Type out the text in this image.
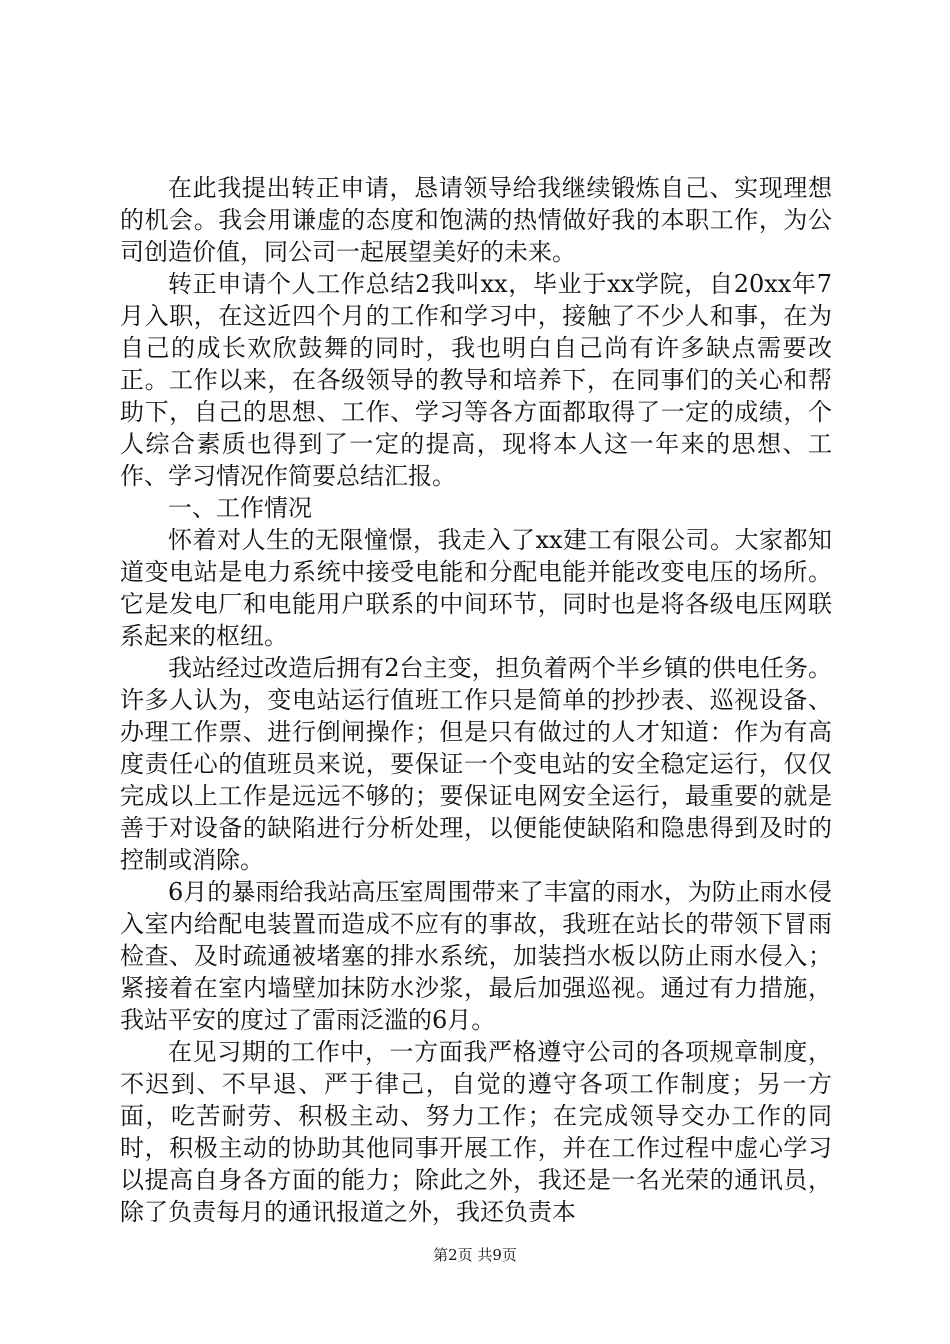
在此我提出转正申请，恳请领导给我继续锻炼自己、实现理想的机会。我会用谦虚的态度和饱满的热情做好我的本职工作，为公司创造价值，同公司一起展望美好的未来。

转正申请个人工作总结2我叫xx，毕业于xx学院，自20xx年7月入职，在这近四个月的工作和学习中，接触了不少人和事，在为自己的成长欢欣鼓舞的同时，我也明白自己尚有许多缺点需要改正。工作以来，在各级领导的教导和培养下，在同事们的关心和帮助下，自己的思想、工作、学习等各方面都取得了一定的成绩，个人综合素质也得到了一定的提高，现将本人这一年来的思想、工作、学习情况作简要总结汇报。

一、工作情况

怀着对人生的无限憧憬，我走入了xx建工有限公司。大家都知道变电站是电力系统中接受电能和分配电能并能改变电压的场所。它是发电厂和电能用户联系的中间环节，同时也是将各级电压网联系起来的枢纽。

我站经过改造后拥有2台主变，担负着两个半乡镇的供电任务。许多人认为，变电站运行值班工作只是简单的抄抄表、巡视设备、办理工作票、进行倒闸操作；但是只有做过的人才知道：作为有高度责任心的值班员来说，要保证一个变电站的安全稳定运行，仅仅完成以上工作是远远不够的；要保证电网安全运行，最重要的就是善于对设备的缺陷进行分析处理，以便能使缺陷和隐患得到及时的控制或消除。

6月的暴雨给我站高压室周围带来了丰富的雨水，为防止雨水侵入室内给配电装置而造成不应有的事故，我班在站长的带领下冒雨检查、及时疏通被堵塞的排水系统，加装挡水板以防止雨水侵入；紧接着在室内墙壁加抹防水沙浆，最后加强巡视。通过有力措施，我站平安的度过了雷雨泛滥的6月。

在见习期的工作中，一方面我严格遵守公司的各项规章制度，不迟到、不早退、严于律己，自觉的遵守各项工作制度；另一方面，吃苦耐劳、积极主动、努力工作；在完成领导交办工作的同时，积极主动的协助其他同事开展工作，并在工作过程中虚心学习以提高自身各方面的能力；除此之外，我还是一名光荣的通讯员，除了负责每月的通讯报道之外，我还负责本

第2页 共9页
